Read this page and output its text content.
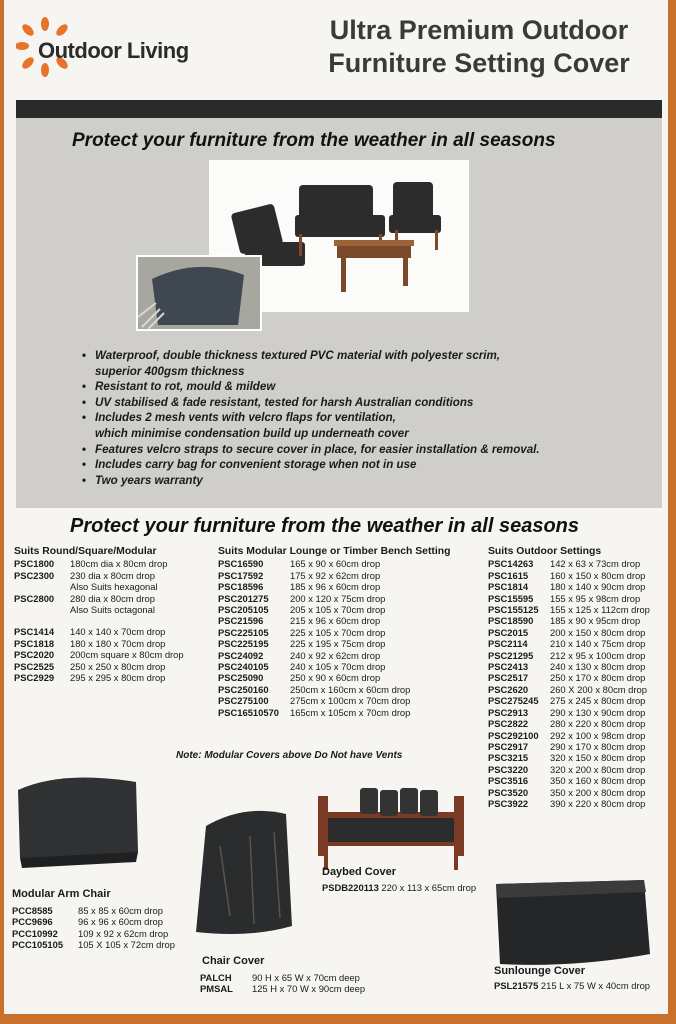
Outdoor Living
Ultra Premium Outdoor
Furniture Setting Cover
Protect your furniture from the weather in all seasons
• Waterproof, double thickness textured PVC material with polyester scrim,
superior 400gsm thickness
• Resistant to rot, mould & mildew
• UV stabilised & fade resistant, tested for harsh Australian conditions
• Includes 2 mesh vents with velcro flaps for ventilation,
which minimise condensation build up underneath cover
• Features velcro straps to secure cover in place, for easier installation & removal.
• Includes carry bag for convenient storage when not in use
• Two years warranty
Protect your furniture from the weather in all seasons
Suits Round/Square/Modular
PSC1800	180cm dia x 80cm drop
PSC2300	230 dia x 80cm drop
Also Suits hexagonal
PSC2800	280 dia x 80cm drop
Also Suits octagonal
PSC1414	140 x 140 x 70cm drop
PSC1818	180 x 180 x 70cm drop
PSC2020	200cm square x 80cm drop
PSC2525	250 x 250 x 80cm drop
PSC2929	295 x 295 x 80cm drop
Suits Modular Lounge or Timber Bench Setting
PSC16590	165 x 90 x 60cm drop
PSC17592	175 x 92 x 62cm drop
PSC18596	185 x 96 x 60cm drop
PSC201275	200 x 120 x 75cm drop
PSC205105	205 x 105 x 70cm drop
PSC21596	215 x 96 x 60cm drop
PSC225105	225 x 105 x 70cm drop
PSC225195	225 x 195 x 75cm drop
PSC24092	240 x 92 x 62cm drop
PSC240105	240 x 105 x 70cm drop
PSC25090	250 x 90 x 60cm drop
PSC250160	250cm x 160cm x 60cm drop
PSC275100	275cm x 100cm x 70cm drop
PSC16510570	165cm x 105cm x 70cm drop
Suits Outdoor Settings
PSC14263	142 x 63 x 73cm drop
PSC1615	160 x 150 x 80cm drop
PSC1814	180 x 140 x 90cm drop
PSC15595	155 x 95 x 98cm drop
PSC155125	155 x 125 x 112cm drop
PSC18590	185 x 90 x 95cm drop
PSC2015	200 x 150 x 80cm drop
PSC2114	210 x 140 x 75cm drop
PSC21295	212 x 95 x 100cm drop
PSC2413	240 x 130 x 80cm drop
PSC2517	250 x 170 x 80cm drop
PSC2620	260 X 200 x 80cm drop
PSC275245	275 x 245 x 80cm drop
PSC2913	290 x 130 x 90cm drop
PSC2822	280 x 220 x 80cm drop
PSC292100	292 x 100 x 98cm drop
PSC2917	290 x 170 x 80cm drop
PSC3215	320 x 150 x 80cm drop
PSC3220	320 x 200 x 80cm drop
PSC3516	350 x 160 x 80cm drop
PSC3520	350 x 200 x 80cm drop
PSC3922	390 x 220 x 80cm drop
Note: Modular Covers above Do Not have Vents
Modular Arm Chair
PCC8585	85 x 85 x 60cm drop
PCC9696	96 x 96 x 60cm drop
PCC10992	109 x 92 x 62cm drop
PCC105105	105 X 105 x 72cm drop
Chair Cover
PALCH	90 H x 65 W x 70cm deep
PMSAL	125 H x 70 W x 90cm deep
Daybed Cover
PSDB220113
220 x 113 x 65cm drop
Sunlounge Cover
PSL21575
215 L x 75 W x 40cm drop
